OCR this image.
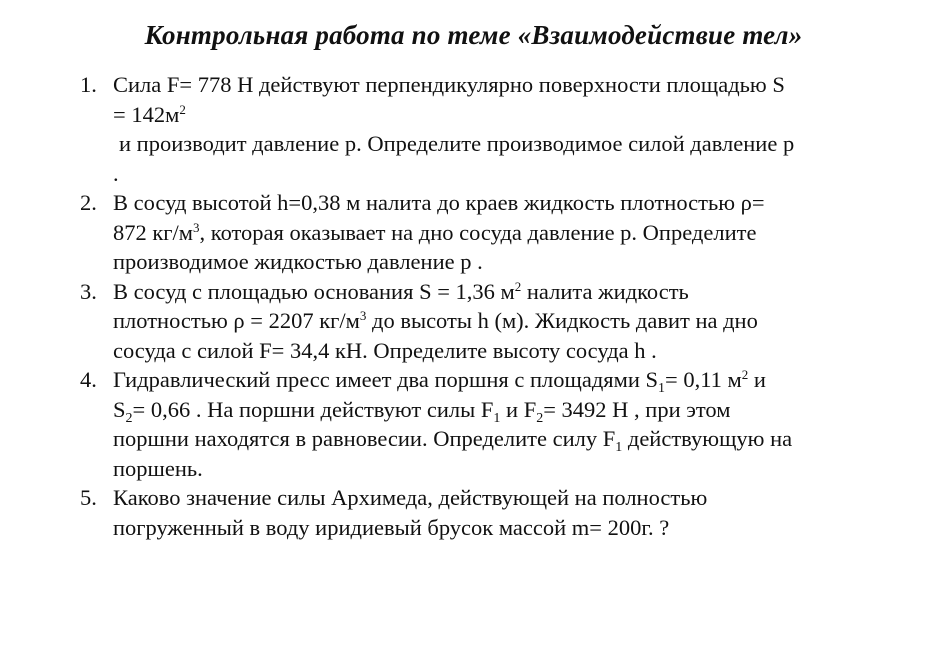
Контрольная работа по теме «Взаимодействие тел»
1. Сила F= 778 Н действуют перпендикулярно поверхности площадью S
= $142м^2$
и производит давление р. Определите производимое силой давление р
.
2. В сосуд высотой h=0,38 м налита до краев жидкость плотностью ρ=
872 $кг/м^3$, которая оказывает на дно сосуда давление р. Определите
производимое жидкостью давление р .
3. В сосуд с площадью основания S = 1,36 $м^2$ налита жидкость
плотностью ρ = 2207 $кг/м^3$ до высоты h (м). Жидкость давит на дно
сосуда с силой F= 34,4 кН. Определите высоту сосуда h .
4. Гидравлический пресс имеет два поршня с площадями $S_1= 0,11$ $м^2$ и
$S_2= 0,66$ . На поршни действуют силы $F_1$ и $F_2= 3492$ Н , при этом
поршни находятся в равновесии. Определите силу $F_1$ действующую на
поршень.
5. Каково значение силы Архимеда, действующей на полностью
погруженный в воду иридиевый брусок массой m= 200г. ?
